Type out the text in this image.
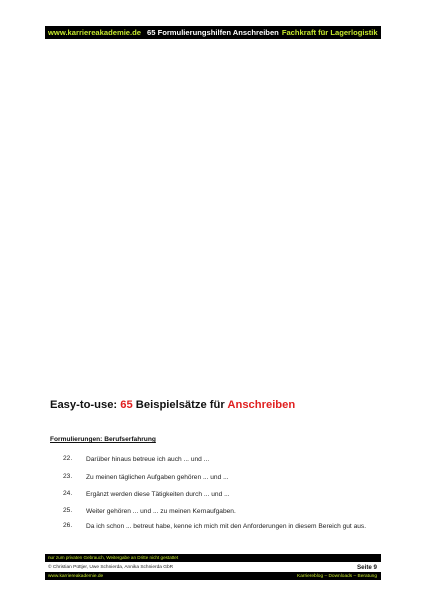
www.karriereakademie.de 65 Formulierungshilfen Anschreiben Fachkraft für Lagerlogistik
Easy-to-use: 65 Beispielsätze für Anschreiben
Formulierungen: Berufserfahrung
22.	Darüber hinaus betreue ich auch ... und ...
23.	Zu meinen täglichen Aufgaben gehören ... und ...
24.	Ergänzt werden diese Tätigkeiten durch ... und ...
25.	Weiter gehören ... und ... zu meinen Kernaufgaben.
26.	Da ich schon ... betreut habe, kenne ich mich mit den Anforderungen in diesem Bereich gut aus.
nur zum privaten Gebrauch, Weitergabe an Dritte nicht gestattet
© Christian Püttjer, Uwe Schnierda, Annika Schnierda GbR	Seite 9
www.karriereakademie.de	Karriereblog – Downloads – Beratung
